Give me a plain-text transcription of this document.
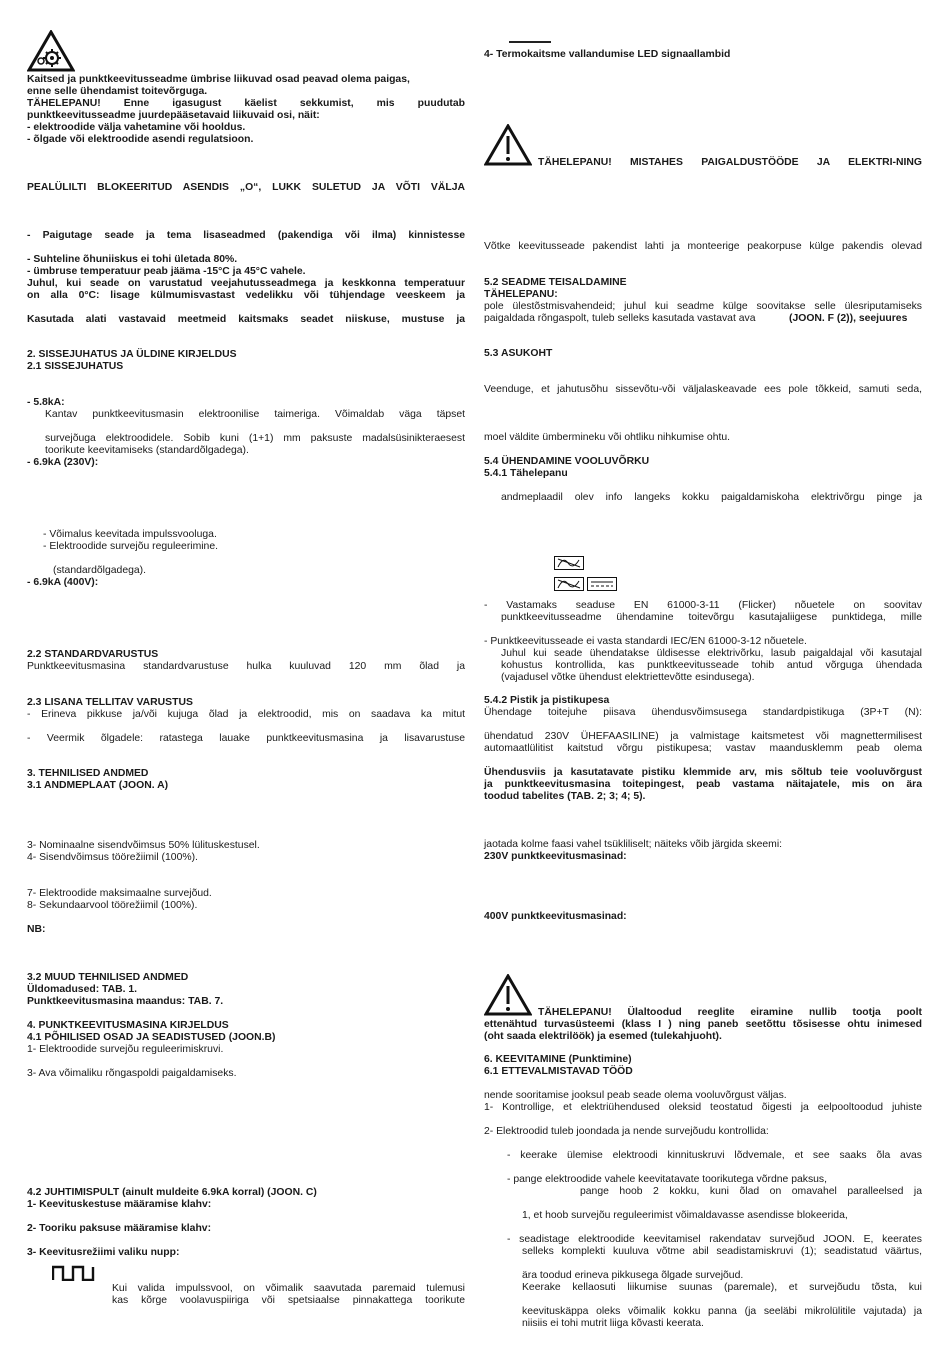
Kaitsed ja punktkeevitusseadme ümbrise liikuvad osad peavad olema paigas,

enne selle ühendamist toitevõrguga.

TÄHELEPANU! Enne igasugust käelist sekkumist, mis puudutab

punktkeevitusseadme juurdepääsetavaid liikuvaid osi, näit:

- elektroodide välja vahetamine või hooldus.

- õlgade või elektroodide asendi regulatsioon.

PEALÜLILTI BLOKEERITUD ASENDIS „O“, LUKK SULETUD JA VÕTI VÄLJA

- Paigutage seade ja tema lisaseadmed (pakendiga või ilma) kinnistesse

- Suhteline õhuniiskus ei tohi ületada 80%.

- ümbruse temperatuur peab jääma -15°C ja 45°C vahele.

Juhul, kui seade on varustatud veejahutusseadmega ja keskkonna temperatuur

on alla 0°C: lisage külmumisvastast vedelikku või tühjendage veeskeem ja

Kasutada alati vastavaid meetmeid kaitsmaks seadet niiskuse, mustuse ja

2. SISSEJUHATUS JA ÜLDINE KIRJELDUS

2.1 SISSEJUHATUS

- 5.8kA:

Kantav punktkeevitusmasin elektroonilise taimeriga. Võimaldab väga täpset

survejõuga elektroodidele. Sobib kuni (1+1) mm paksuste madalsüsinikteraesest

toorikute keevitamiseks (standardõlgadega).

- 6.9kA (230V):

- Võimalus keevitada impulssvooluga.

- Elektroodide survejõu reguleerimine.

(standardõlgadega).

- 6.9kA (400V):

2.2 STANDARDVARUSTUS

Punktkeevitusmasina standardvarustuse hulka kuuluvad 120 mm õlad ja

2.3 LISANA TELLITAV VARUSTUS

- Erineva pikkuse ja/või kujuga õlad ja elektroodid, mis on saadava ka mitut

- Veermik õlgadele: ratastega lauake punktkeevitusmasina ja lisavarustuse

3. TEHNILISED ANDMED

3.1 ANDMEPLAAT (JOON. A)

3- Nominaalne sisendvõimsus 50% lülituskestusel.

4- Sisendvõimsus töörežiimil (100%).

7- Elektroodide maksimaalne survejõud.

8- Sekundaarvool töörežiimil (100%).

NB:

3.2 MUUD TEHNILISED ANDMED

Üldomadused: TAB. 1.

Punktkeevitusmasina maandus: TAB. 7.

4. PUNKTKEEVITUSMASINA KIRJELDUS

4.1 PÕHILISED OSAD JA SEADISTUSED (JOON.B)

1- Elektroodide survejõu reguleerimiskruvi.

3- Ava võimaliku rõngaspoldi paigaldamiseks.

4.2 JUHTIMISPULT (ainult muldeite 6.9kA korral) (JOON. C)

1- Keevituskestuse määramise klahv:

2- Tooriku paksuse määramise klahv:

3- Keevitusrežiimi valiku nupp:

Kui valida impulssvool, on võimalik saavutada paremaid tulemusi

kas kõrge voolavuspiiriga või spetsiaalse pinnakattega toorikute

4- Termokaitsme vallandumise LED signaallambid

TÄHELEPANU! MISTAHES PAIGALDUSTÖÖDE JA ELEKTRI-NING

Võtke keevitusseade pakendist lahti ja monteerige peakorpuse külge pakendis olevad

5.2 SEADME TEISALDAMINE

TÄHELEPANU:

pole ülestõstmisvahendeid; juhul kui seadme külge soovitakse selle ülesriputamiseks

paigaldada rõngaspolt, tuleb selleks kasutada vastavat ava	(JOON. F (2)), seejuures

5.3 ASUKOHT

Veenduge, et jahutusõhu sissevõtu-või väljalaskeavade ees pole tõkkeid, samuti seda,

moel väldite ümbermineku või ohtliku nihkumise ohtu.

5.4 ÜHENDAMINE VOOLUVÕRKU

5.4.1 Tähelepanu

andmeplaadil olev info langeks kokku paigaldamiskoha elektrivõrgu pinge ja

- Vastamaks seaduse EN 61000-3-11 (Flicker) nõuetele on soovitav

punktkeevitusseadme ühendamine toitevõrgu kasutajaliigese punktidega, mille

- Punktkeevitusseade ei vasta standardi IEC/EN 61000-3-12 nõuetele.

Juhul kui seade ühendatakse üldisesse elektrivõrku, lasub paigaldajal või kasutajal

kohustus kontrollida, kas punktkeevitusseade tohib antud võrguga ühendada

(vajadusel võtke ühendust elektriettevõtte esindusega).

5.4.2 Pistik ja pistikupesa

Ühendage toitejuhe piisava ühendusvõimsusega standardpistikuga (3P+T (N):

ühendatud 230V ÜHEFAASILINE) ja valmistage kaitsmetest või magnettermilisest

automaatlülitist kaitstud võrgu pistikupesa; vastav maandusklemm peab olema

Ühendusviis ja kasutatavate pistiku klemmide arv, mis sõltub teie vooluvõrgust

ja punktkeevitusmasina toitepingest, peab vastama näitajatele, mis on ära

toodud tabelites (TAB. 2; 3; 4; 5).

jaotada kolme faasi vahel tsükliliselt; näiteks võib järgida skeemi:

230V punktkeevitusmasinad:

400V punktkeevitusmasinad:

TÄHELEPANU! Ülaltoodud reeglite eiramine nullib tootja poolt

ettenähtud turvasüsteemi (klass I ) ning paneb seetõttu tõsisesse ohtu inimesed

(oht saada elektrilöök) ja esemed (tulekahjuoht).

6. KEEVITAMINE (Punktimine)

6.1 ETTEVALMISTAVAD TÖÖD

nende sooritamise jooksul peab seade olema vooluvõrgust väljas.

1- Kontrollige, et elektriühendused oleksid teostatud õigesti ja eelpooltoodud juhiste

2- Elektroodid tuleb joondada ja nende survejõudu kontrollida:

- keerake ülemise elektroodi kinnituskruvi lõdvemale, et see saaks õla avas

- pange elektroodide vahele keevitatavate toorikutega võrdne paksus,

pange hoob 2 kokku, kuni õlad on omavahel paralleelsed ja

1, et hoob survejõu reguleerimist võimaldavasse asendisse blokeerida,

- seadistage elektroodide keevitamisel rakendatav survejõud JOON. E, keerates

selleks komplekti kuuluva võtme abil seadistamiskruvi (1); seadistatud väärtus,

ära toodud erineva pikkusega õlgade survejõud.

Keerake kellaosuti liikumise suunas (paremale), et survejõudu tõsta, kui

keevituskäppa oleks võimalik kokku panna (ja seeläbi mikrolülitile vajutada) ja

niisiis ei tohi mutrit liiga kõvasti keerata.
